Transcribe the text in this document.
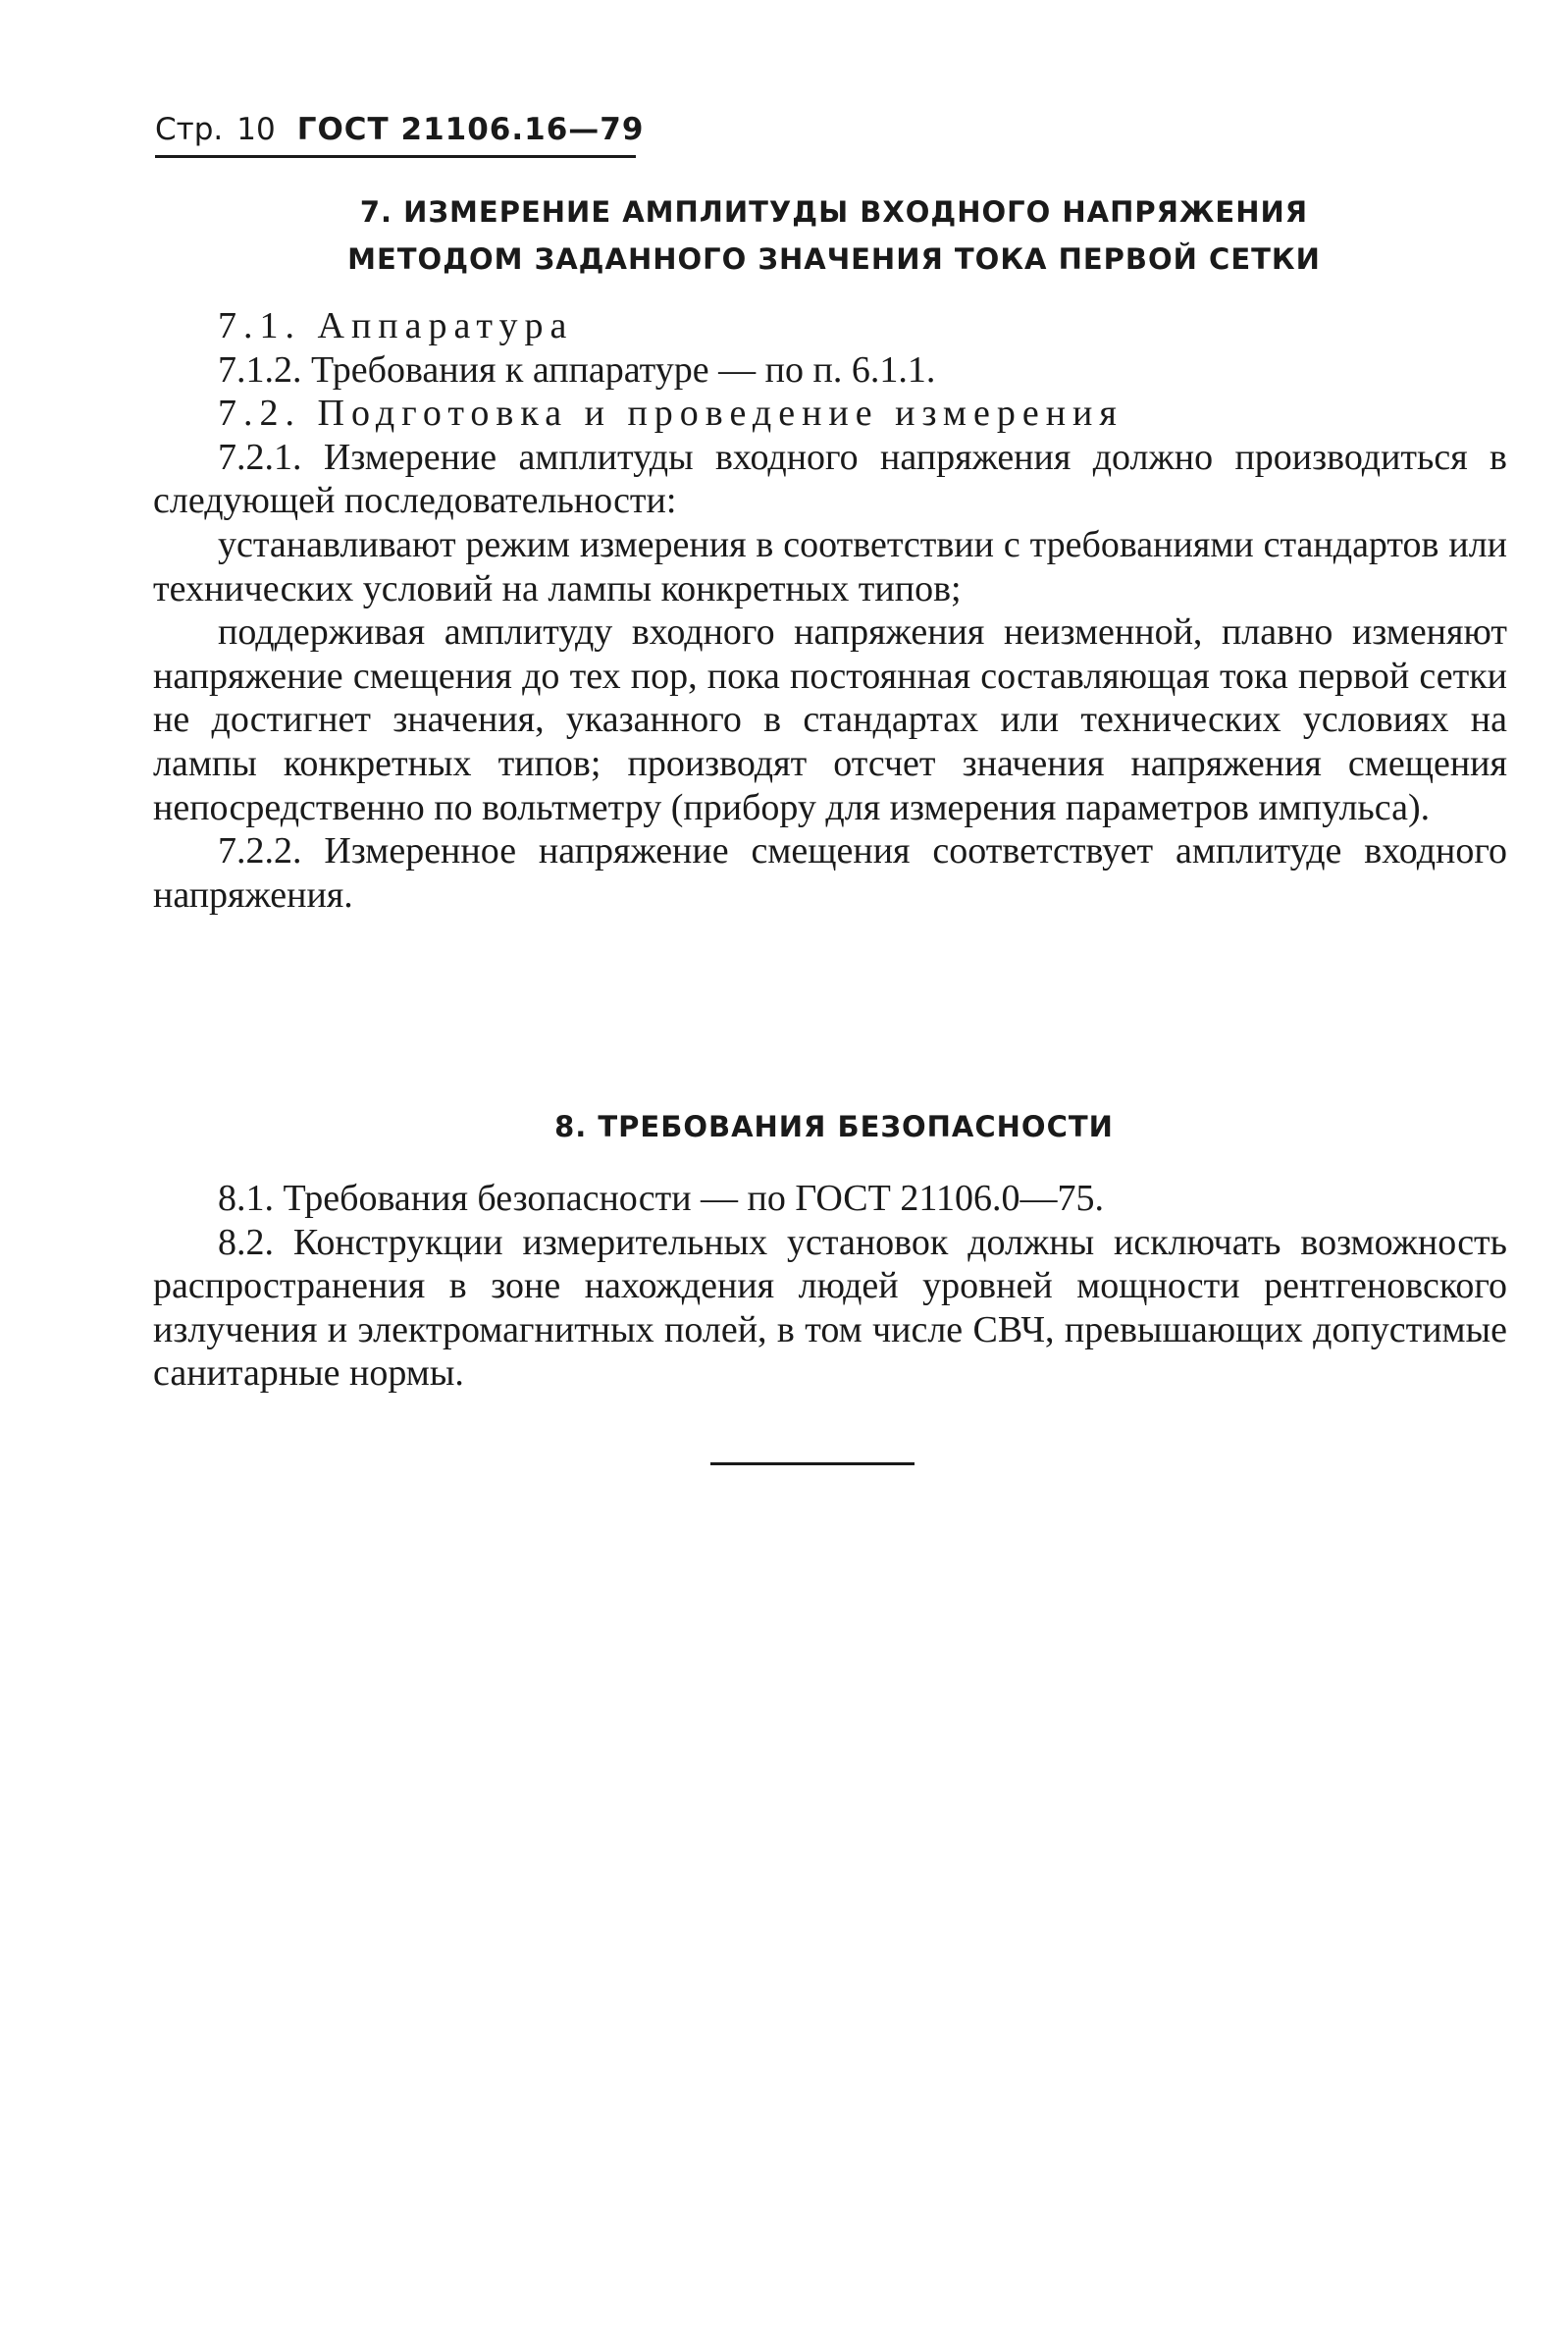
Стр. 10 ГОСТ 21106.16—79
7. ИЗМЕРЕНИЕ АМПЛИТУДЫ ВХОДНОГО НАПРЯЖЕНИЯ
МЕТОДОМ ЗАДАННОГО ЗНАЧЕНИЯ ТОКА ПЕРВОЙ СЕТКИ

7.1. Аппаратура

7.1.2. Требования к аппаратуре — по п. 6.1.1.

7.2. Подготовка и проведение измерения

7.2.1. Измерение амплитуды входного напряжения должно производиться в следующей последовательности:

устанавливают режим измерения в соответствии с требованиями стандартов или технических условий на лампы конкретных типов;

поддерживая амплитуду входного напряжения неизменной, плавно изменяют напряжение смещения до тех пор, пока постоянная составляющая тока первой сетки не достигнет значения, указанного в стандартах или технических условиях на лампы конкретных типов; производят отсчет значения напряжения смещения непосредственно по вольтметру (прибору для измерения параметров импульса).

7.2.2. Измеренное напряжение смещения соответствует амплитуде входного напряжения.

8. ТРЕБОВАНИЯ БЕЗОПАСНОСТИ

8.1. Требования безопасности — по ГОСТ 21106.0—75.

8.2. Конструкции измерительных установок должны исключать возможность распространения в зоне нахождения людей уровней мощности рентгеновского излучения и электромагнитных полей, в том числе СВЧ, превышающих допустимые санитарные нормы.
